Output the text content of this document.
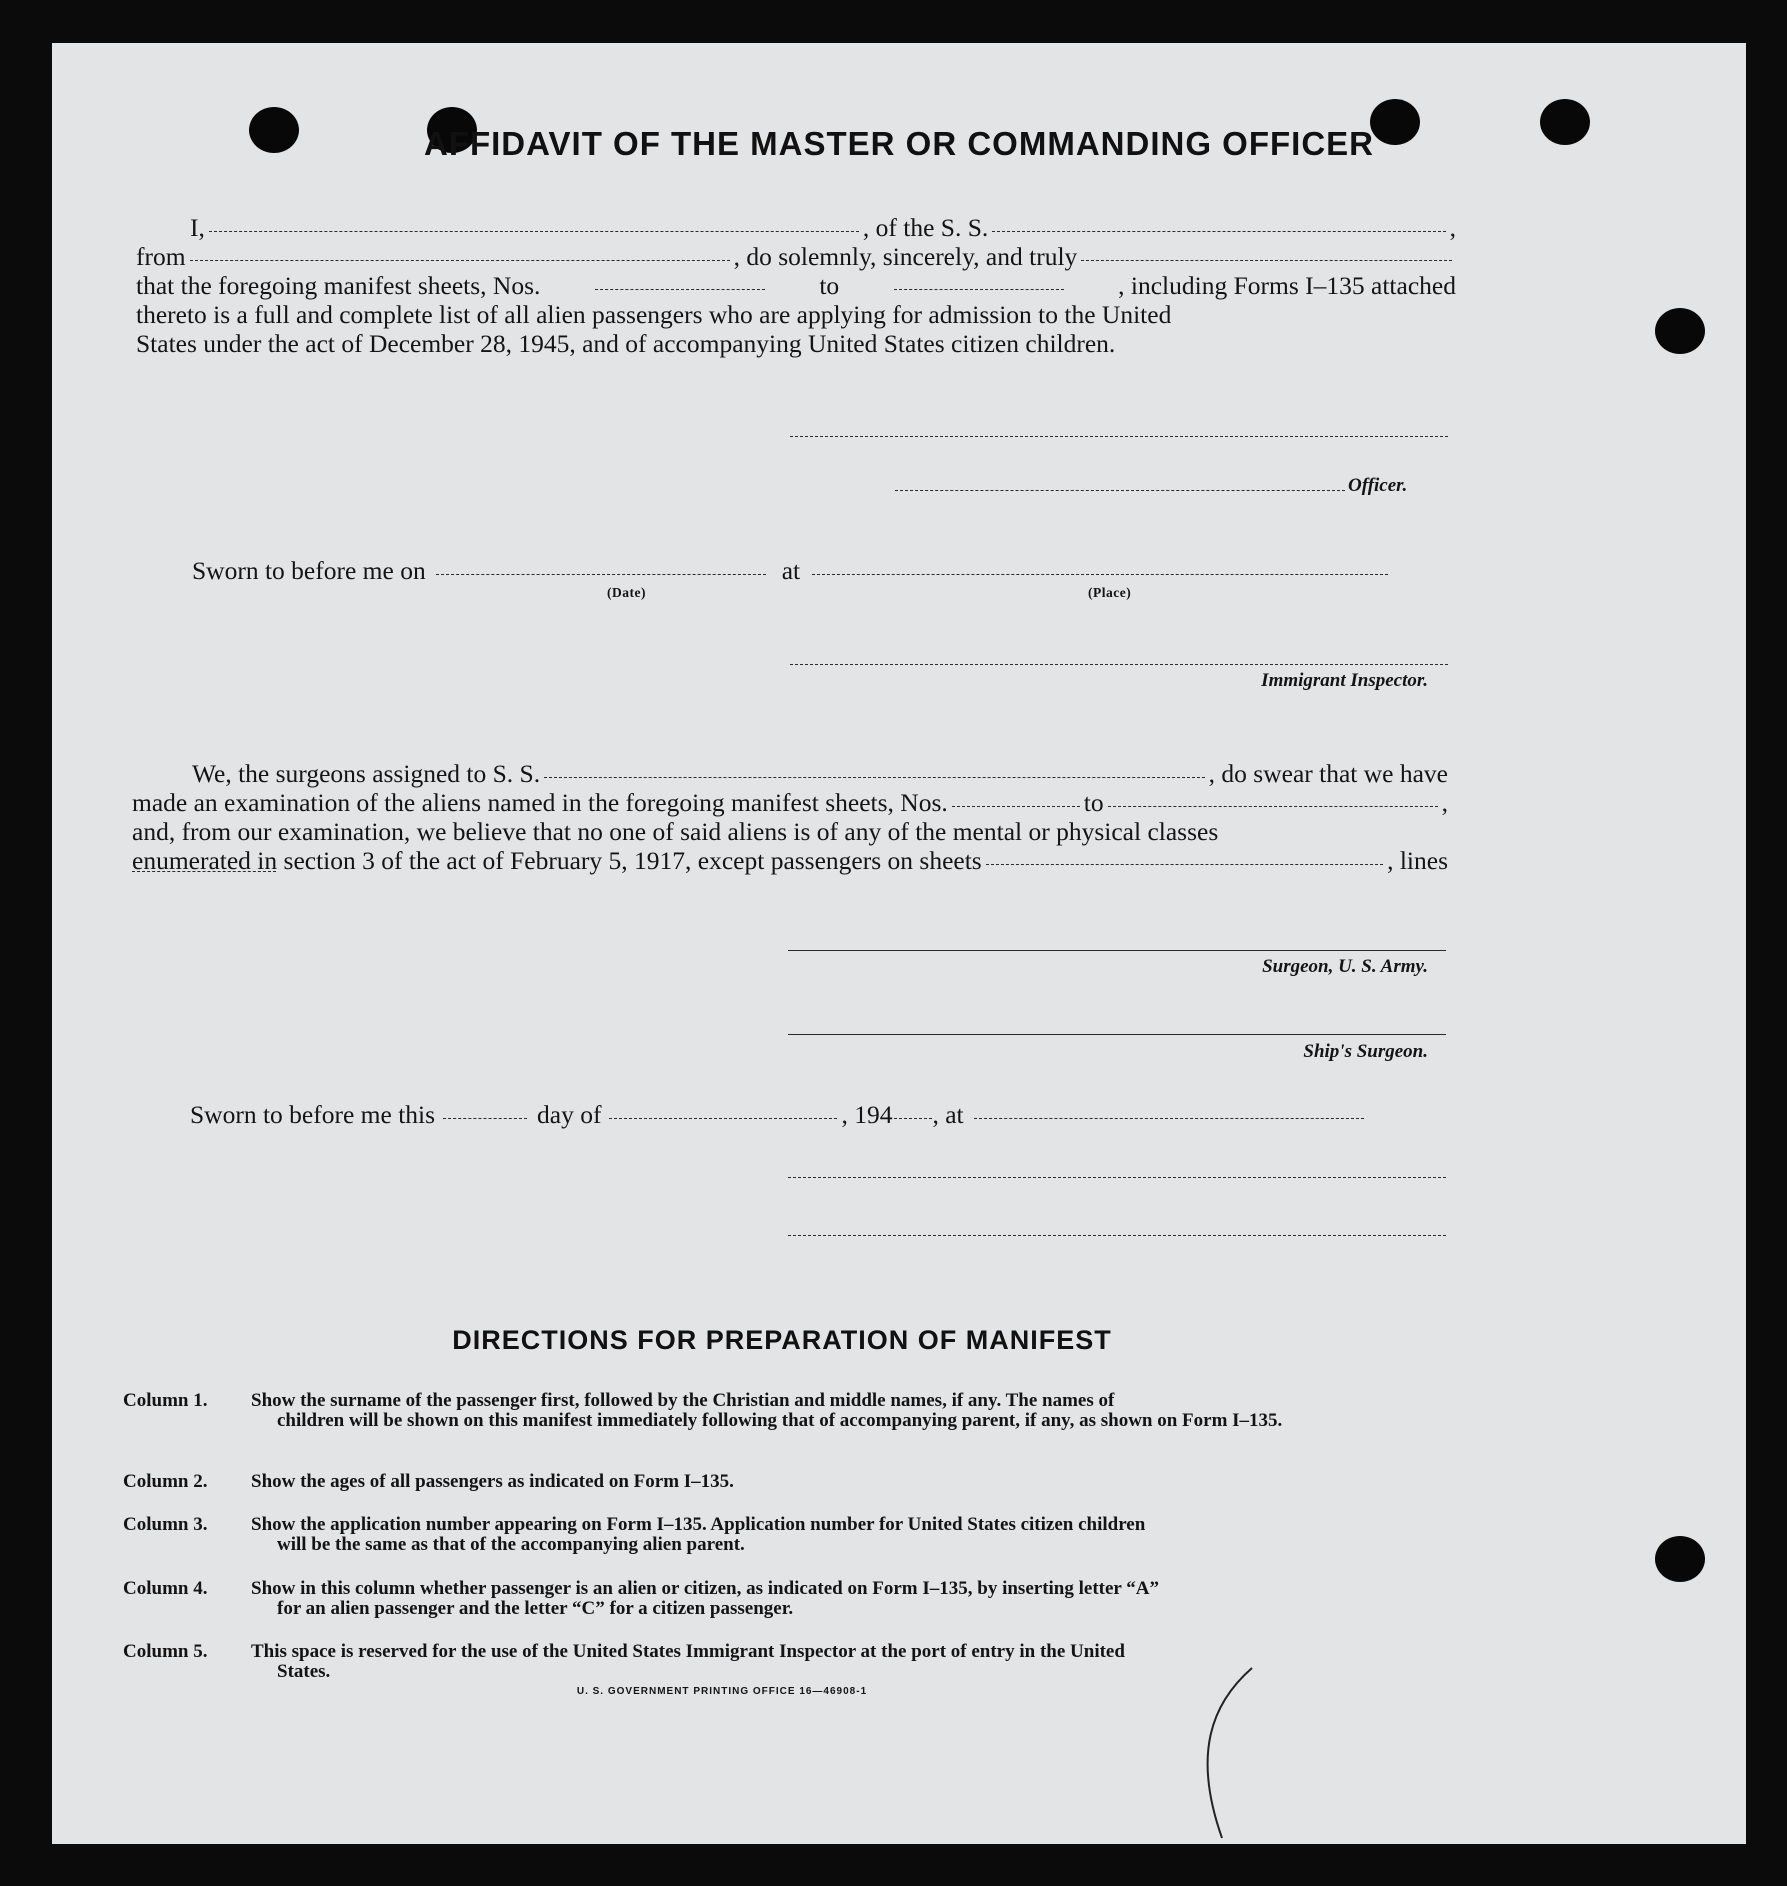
AFFIDAVIT OF THE MASTER OR COMMANDING OFFICER
I,	, of the S. S.	,
from	, do solemnly, sincerely, and truly
that the foregoing manifest sheets, Nos.	to	, including Forms I–135 attached
thereto is a full and complete list of all alien passengers who are applying for admission to the United
States under the act of December 28, 1945, and of accompanying United States citizen children.
Officer.
Sworn to before me on	at
(Date)	(Place)
Immigrant Inspector.
We, the surgeons assigned to S. S.	, do swear that we have
made an examination of the aliens named in the foregoing manifest sheets, Nos.	to	,
and, from our examination, we believe that no one of said aliens is of any of the mental or physical classes
enumerated in section 3 of the act of February 5, 1917, except passengers on sheets	, lines
Surgeon, U. S. Army.
Ship's Surgeon.
Sworn to before me this	day of	, 194 , at
DIRECTIONS FOR PREPARATION OF MANIFEST
Column 1.	Show the surname of the passenger first, followed by the Christian and middle names, if any. The names of
children will be shown on this manifest immediately following that of accompanying parent, if any, as shown on Form I–135.
Column 2.	Show the ages of all passengers as indicated on Form I–135.
Column 3.	Show the application number appearing on Form I–135. Application number for United States citizen children
will be the same as that of the accompanying alien parent.
Column 4.	Show in this column whether passenger is an alien or citizen, as indicated on Form I–135, by inserting letter “A”
for an alien passenger and the letter “C” for a citizen passenger.
Column 5.	This space is reserved for the use of the United States Immigrant Inspector at the port of entry in the United
States.
U. S. GOVERNMENT PRINTING OFFICE 16—46908-1
